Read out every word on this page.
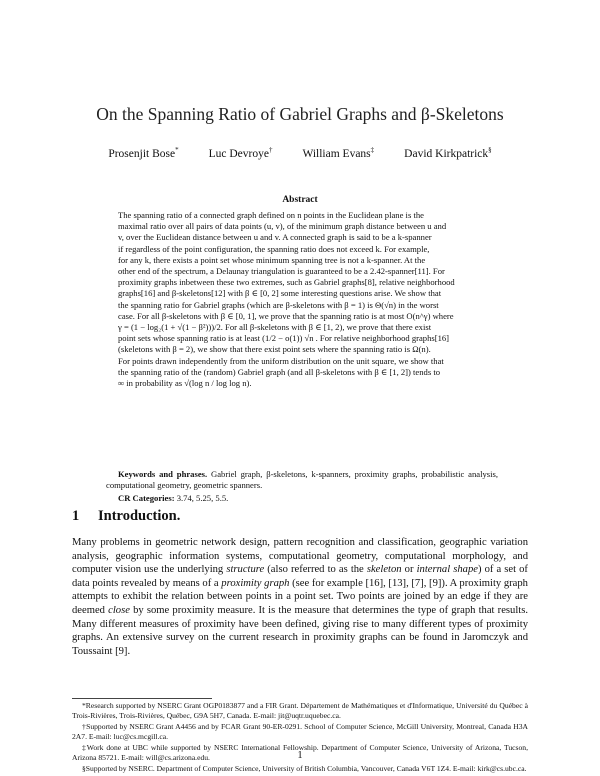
On the Spanning Ratio of Gabriel Graphs and β-Skeletons
Prosenjit Bose*	Luc Devroye†	William Evans‡	David Kirkpatrick§
Abstract
The spanning ratio of a connected graph defined on n points in the Euclidean plane is the
maximal ratio over all pairs of data points (u, v), of the minimum graph distance between u and
v, over the Euclidean distance between u and v. A connected graph is said to be a k-spanner
if regardless of the point configuration, the spanning ratio does not exceed k. For example,
for any k, there exists a point set whose minimum spanning tree is not a k-spanner. At the
other end of the spectrum, a Delaunay triangulation is guaranteed to be a 2.42-spanner[11]. For
proximity graphs inbetween these two extremes, such as Gabriel graphs[8], relative neighborhood
graphs[16] and β-skeletons[12] with β ∈ [0, 2] some interesting questions arise. We show that
the spanning ratio for Gabriel graphs (which are β-skeletons with β = 1) is Θ(√n) in the worst
case. For all β-skeletons with β ∈ [0, 1], we prove that the spanning ratio is at most O(n^γ) where
γ = (1 − log₂(1 + √(1 − β²)))/2. For all β-skeletons with β ∈ [1, 2), we prove that there exist
point sets whose spanning ratio is at least (1/2 − o(1)) √n . For relative neighborhood graphs[16]
(skeletons with β = 2), we show that there exist point sets where the spanning ratio is Ω(n).
For points drawn independently from the uniform distribution on the unit square, we show that
the spanning ratio of the (random) Gabriel graph (and all β-skeletons with β ∈ [1, 2]) tends to
∞ in probability as √(log n / log log n).
Keywords and phrases. Gabriel graph, β-skeletons, k-spanners, proximity graphs, probabilistic analysis, computational geometry, geometric spanners.
CR Categories: 3.74, 5.25, 5.5.
1 Introduction.
Many problems in geometric network design, pattern recognition and classification, geographic variation analysis, geographic information systems, computational geometry, computational morphology, and computer vision use the underlying structure (also referred to as the skeleton or internal shape) of a set of data points revealed by means of a proximity graph (see for example [16], [13], [7], [9]). A proximity graph attempts to exhibit the relation between points in a point set. Two points are joined by an edge if they are deemed close by some proximity measure. It is the measure that determines the type of graph that results. Many different measures of proximity have been defined, giving rise to many different types of proximity graphs. An extensive survey on the current research in proximity graphs can be found in Jaromczyk and Toussaint [9].

*Research supported by NSERC Grant OGP0183877 and a FIR Grant. Département de Mathématiques et d'Informatique, Université du Québec à Trois-Rivières, Trois-Rivières, Québec, G9A 5H7, Canada. E-mail: jit@uqtr.uquebec.ca.

†Supported by NSERC Grant A4456 and by FCAR Grant 90-ER-0291. School of Computer Science, McGill University, Montreal, Canada H3A 2A7. E-mail: luc@cs.mcgill.ca.

‡Work done at UBC while supported by NSERC International Fellowship. Department of Computer Science, University of Arizona, Tucson, Arizona 85721. E-mail: will@cs.arizona.edu.

§Supported by NSERC. Department of Computer Science, University of British Columbia, Vancouver, Canada V6T 1Z4. E-mail: kirk@cs.ubc.ca.

1
